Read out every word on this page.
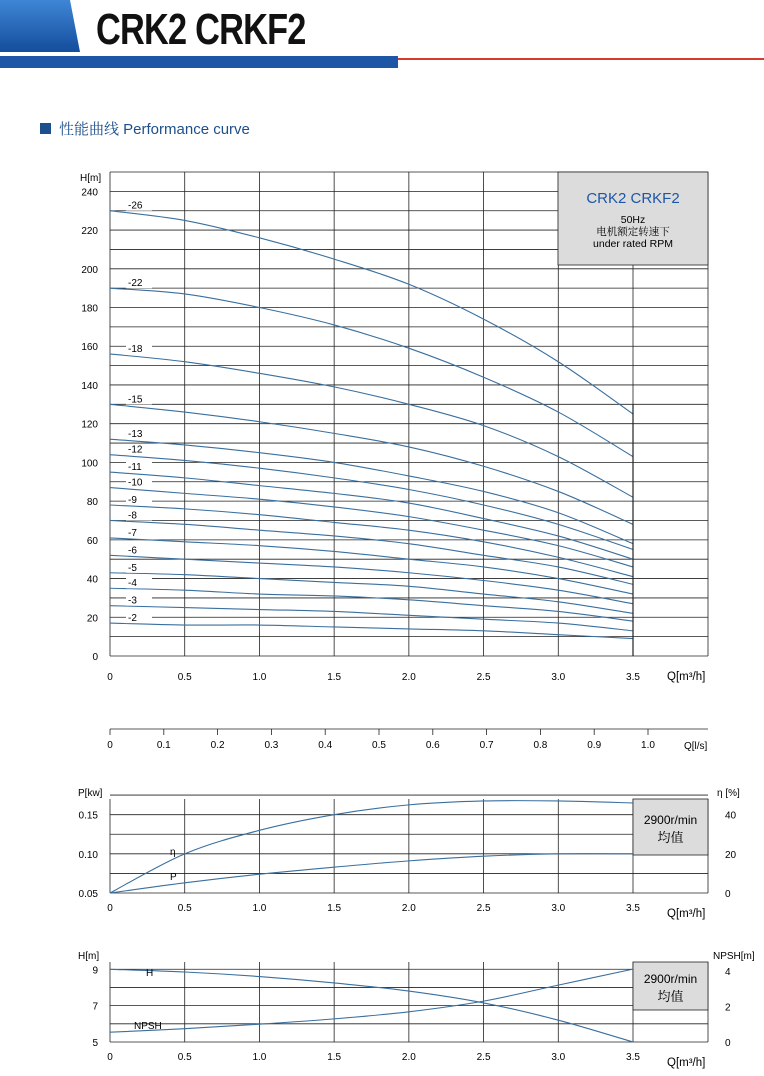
CRK2 CRKF2
性能曲线 Performance curve
CRK2 CRKF2
50Hz
电机额定转速下
under rated RPM
H[m]
Q[m³/h]
0
20
40
60
80
100
120
140
160
180
200
220
240
0	0.5	1.0	1.5	2.0	2.5	3.0	3.5
-26
-22
-18
-15
-13
-12
-11
-10
-9
-8
-7
-6
-5
-4
-3
-2
0	0.1	0.2	0.3	0.4	0.5	0.6	0.7	0.8	0.9	1.0	Q[l/s]
2900r/min
均值
P[kw]	η [%]
Q[m³/h]
0.05
0.10
0.15
0
20
40
0	0.5	1.0	1.5	2.0	2.5	3.0	3.5
η
P
2900r/min
均值
H[m]	NPSH[m]
Q[m³/h]
5
7
9
0
2
4
0	0.5	1.0	1.5	2.0	2.5	3.0	3.5
H
NPSH
